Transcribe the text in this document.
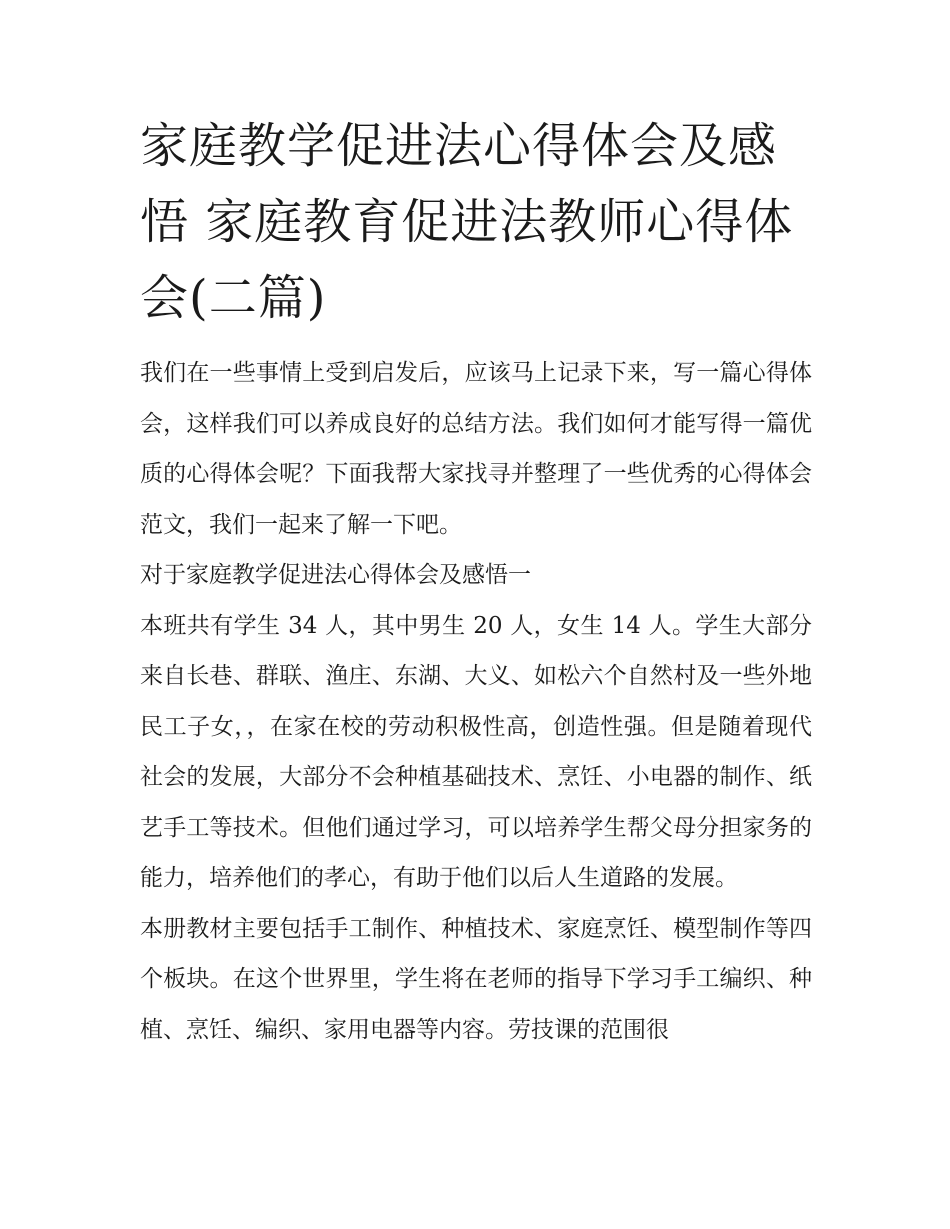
家庭教学促进法心得体会及感悟 家庭教育促进法教师心得体会(二篇)

我们在一些事情上受到启发后，应该马上记录下来，写一篇心得体会，这样我们可以养成良好的总结方法。我们如何才能写得一篇优质的心得体会呢？下面我帮大家找寻并整理了一些优秀的心得体会范文，我们一起来了解一下吧。

对于家庭教学促进法心得体会及感悟一

本班共有学生 34 人，其中男生 20 人，女生 14 人。学生大部分来自长巷、群联、渔庄、东湖、大义、如松六个自然村及一些外地民工子女，，在家在校的劳动积极性高，创造性强。但是随着现代社会的发展，大部分不会种植基础技术、烹饪、小电器的制作、纸艺手工等技术。但他们通过学习，可以培养学生帮父母分担家务的能力，培养他们的孝心，有助于他们以后人生道路的发展。

本册教材主要包括手工制作、种植技术、家庭烹饪、模型制作等四个板块。在这个世界里，学生将在老师的指导下学习手工编织、种植、烹饪、编织、家用电器等内容。劳技课的范围很
